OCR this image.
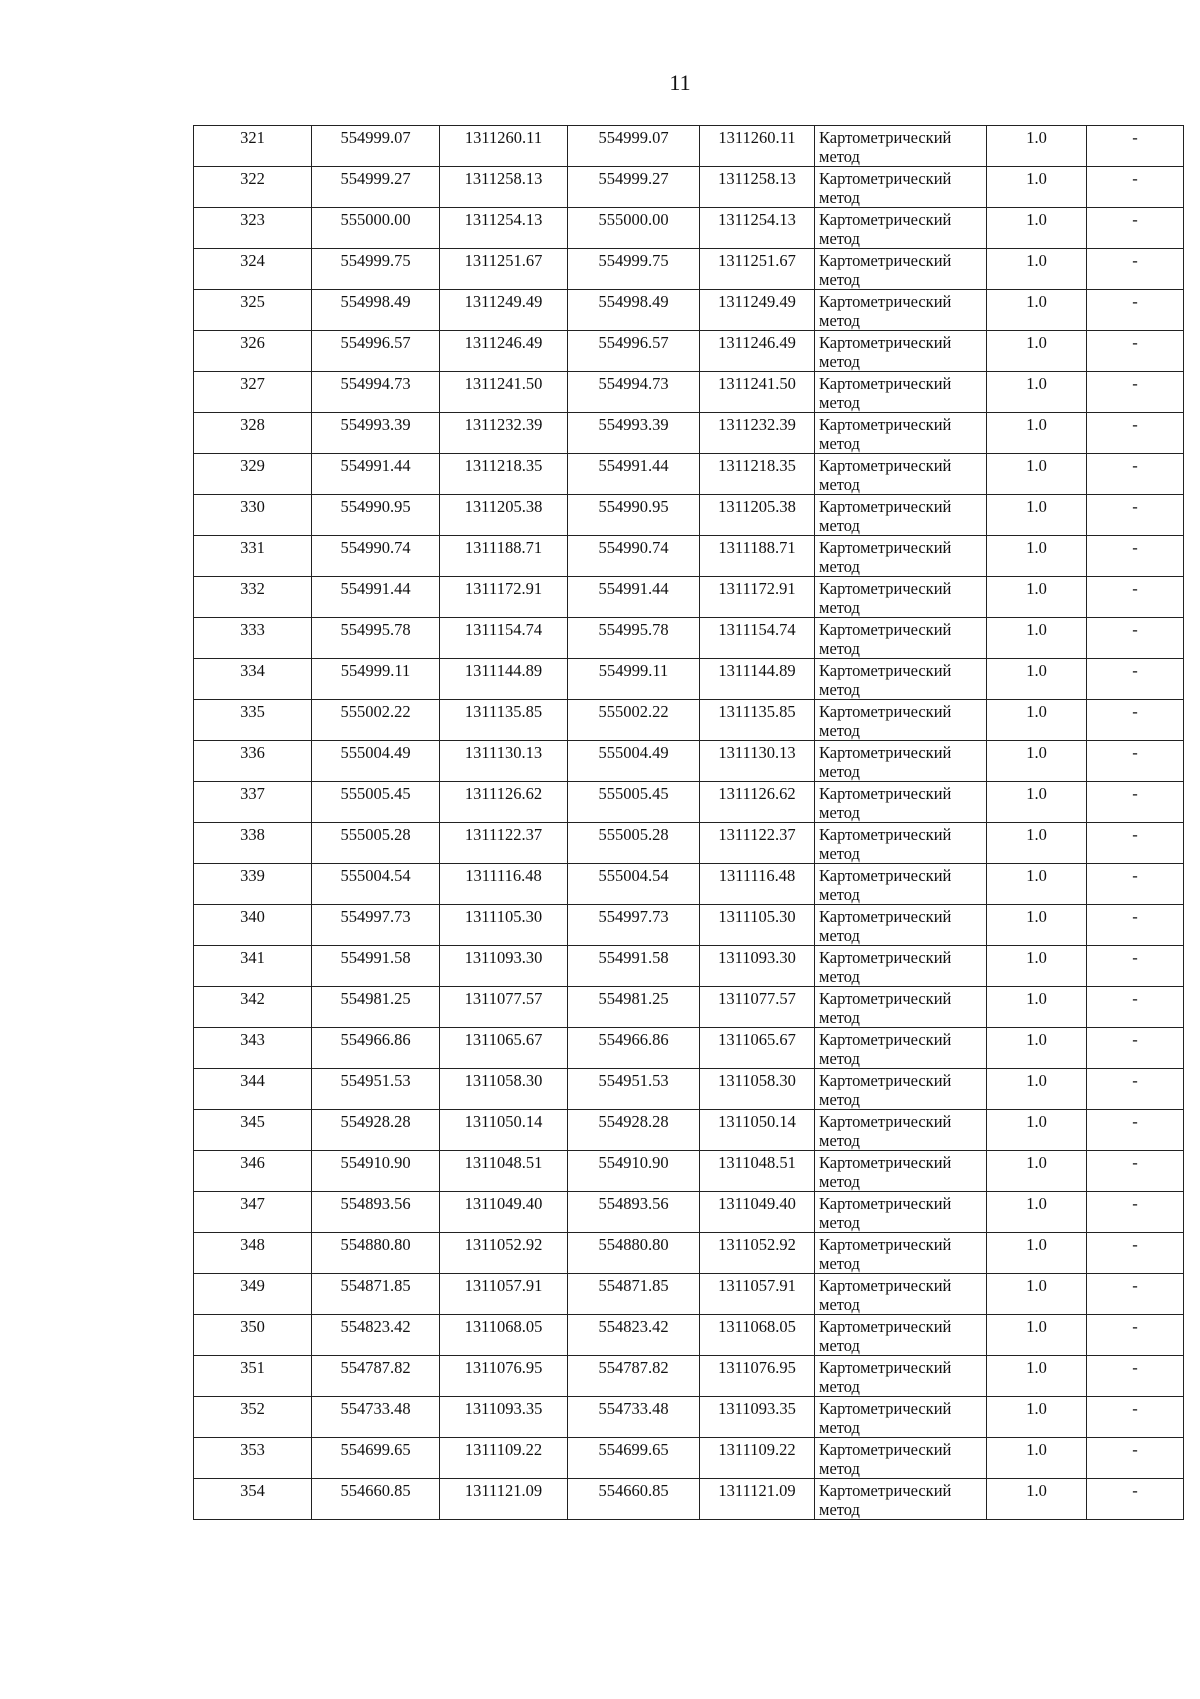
11
321	554999.07	1311260.11	554999.07	1311260.11	Картометрический
метод	1.0	-
322	554999.27	1311258.13	554999.27	1311258.13	Картометрический
метод	1.0	-
323	555000.00	1311254.13	555000.00	1311254.13	Картометрический
метод	1.0	-
324	554999.75	1311251.67	554999.75	1311251.67	Картометрический
метод	1.0	-
325	554998.49	1311249.49	554998.49	1311249.49	Картометрический
метод	1.0	-
326	554996.57	1311246.49	554996.57	1311246.49	Картометрический
метод	1.0	-
327	554994.73	1311241.50	554994.73	1311241.50	Картометрический
метод	1.0	-
328	554993.39	1311232.39	554993.39	1311232.39	Картометрический
метод	1.0	-
329	554991.44	1311218.35	554991.44	1311218.35	Картометрический
метод	1.0	-
330	554990.95	1311205.38	554990.95	1311205.38	Картометрический
метод	1.0	-
331	554990.74	1311188.71	554990.74	1311188.71	Картометрический
метод	1.0	-
332	554991.44	1311172.91	554991.44	1311172.91	Картометрический
метод	1.0	-
333	554995.78	1311154.74	554995.78	1311154.74	Картометрический
метод	1.0	-
334	554999.11	1311144.89	554999.11	1311144.89	Картометрический
метод	1.0	-
335	555002.22	1311135.85	555002.22	1311135.85	Картометрический
метод	1.0	-
336	555004.49	1311130.13	555004.49	1311130.13	Картометрический
метод	1.0	-
337	555005.45	1311126.62	555005.45	1311126.62	Картометрический
метод	1.0	-
338	555005.28	1311122.37	555005.28	1311122.37	Картометрический
метод	1.0	-
339	555004.54	1311116.48	555004.54	1311116.48	Картометрический
метод	1.0	-
340	554997.73	1311105.30	554997.73	1311105.30	Картометрический
метод	1.0	-
341	554991.58	1311093.30	554991.58	1311093.30	Картометрический
метод	1.0	-
342	554981.25	1311077.57	554981.25	1311077.57	Картометрический
метод	1.0	-
343	554966.86	1311065.67	554966.86	1311065.67	Картометрический
метод	1.0	-
344	554951.53	1311058.30	554951.53	1311058.30	Картометрический
метод	1.0	-
345	554928.28	1311050.14	554928.28	1311050.14	Картометрический
метод	1.0	-
346	554910.90	1311048.51	554910.90	1311048.51	Картометрический
метод	1.0	-
347	554893.56	1311049.40	554893.56	1311049.40	Картометрический
метод	1.0	-
348	554880.80	1311052.92	554880.80	1311052.92	Картометрический
метод	1.0	-
349	554871.85	1311057.91	554871.85	1311057.91	Картометрический
метод	1.0	-
350	554823.42	1311068.05	554823.42	1311068.05	Картометрический
метод	1.0	-
351	554787.82	1311076.95	554787.82	1311076.95	Картометрический
метод	1.0	-
352	554733.48	1311093.35	554733.48	1311093.35	Картометрический
метод	1.0	-
353	554699.65	1311109.22	554699.65	1311109.22	Картометрический
метод	1.0	-
354	554660.85	1311121.09	554660.85	1311121.09	Картометрический
метод	1.0	-
